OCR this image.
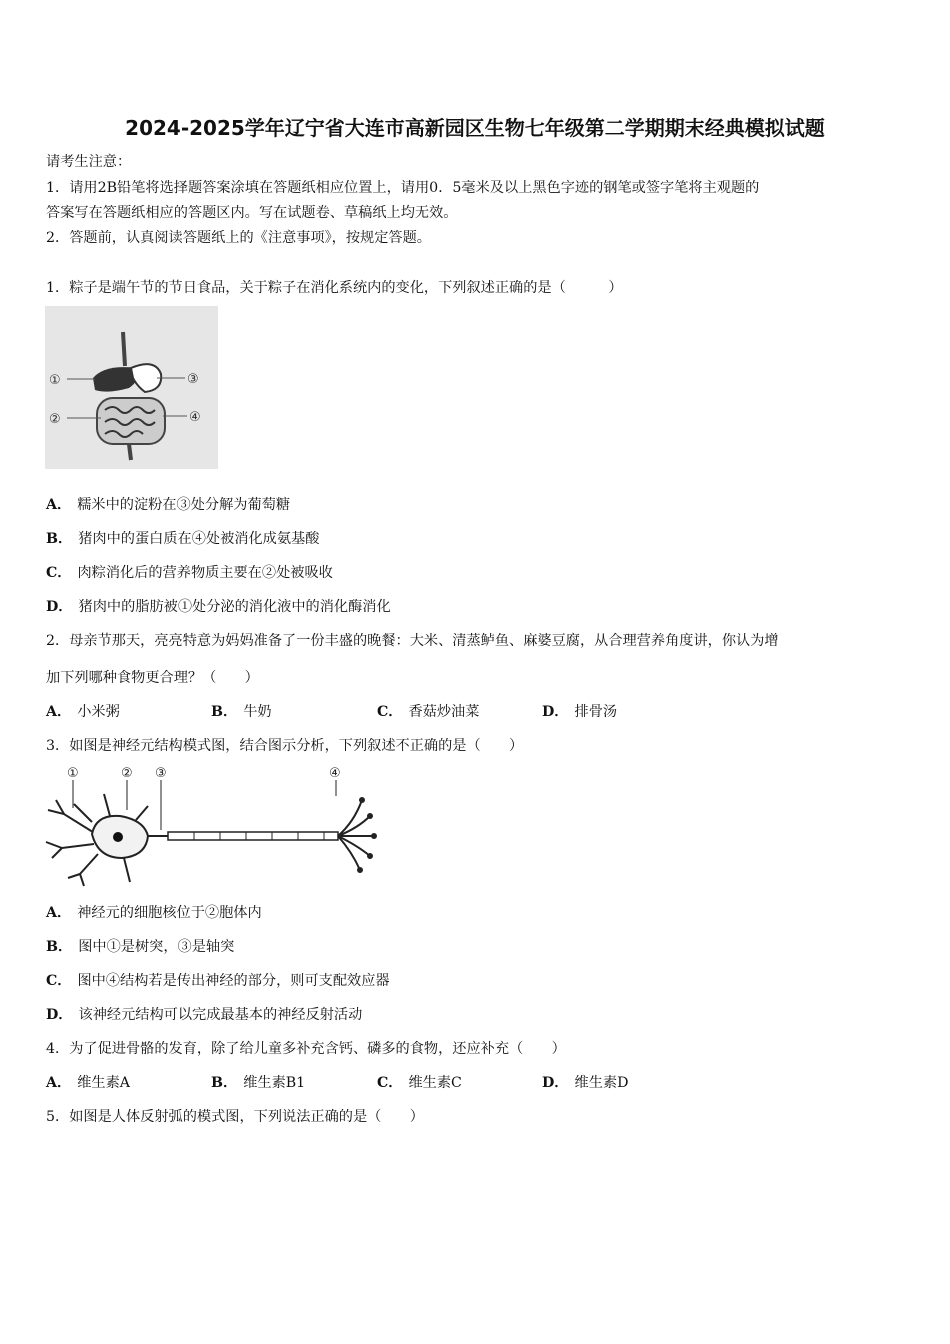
2024-2025学年辽宁省大连市高新园区生物七年级第二学期期末经典模拟试题
请考生注意：
1．请用2B铅笔将选择题答案涂填在答题纸相应位置上，请用0．5毫米及以上黑色字迹的钢笔或签字笔将主观题的
答案写在答题纸相应的答题区内。写在试题卷、草稿纸上均无效。
2．答题前，认真阅读答题纸上的《注意事项》，按规定答题。
1．粽子是端午节的节日食品，关于粽子在消化系统内的变化，下列叙述正确的是（　　　）
①
②
③
④
A． 糯米中的淀粉在③处分解为葡萄糖
B． 猪肉中的蛋白质在④处被消化成氨基酸
C． 肉粽消化后的营养物质主要在②处被吸收
D． 猪肉中的脂肪被①处分泌的消化液中的消化酶消化
2．母亲节那天，亮亮特意为妈妈准备了一份丰盛的晚餐：大米、清蒸鲈鱼、麻婆豆腐，从合理营养角度讲，你认为增
加下列哪种食物更合理？（　　）
A． 小米粥	B． 牛奶	C． 香菇炒油菜	D． 排骨汤
3．如图是神经元结构模式图，结合图示分析，下列叙述不正确的是（　　）
①	② ③	④
A． 神经元的细胞核位于②胞体内
B． 图中①是树突，③是轴突
C． 图中④结构若是传出神经的部分，则可支配效应器
D． 该神经元结构可以完成最基本的神经反射活动
4．为了促进骨骼的发育，除了给儿童多补充含钙、磷多的食物，还应补充（　　）
A． 维生素A	B． 维生素B1	C． 维生素C	D． 维生素D
5．如图是人体反射弧的模式图，下列说法正确的是（　　）
